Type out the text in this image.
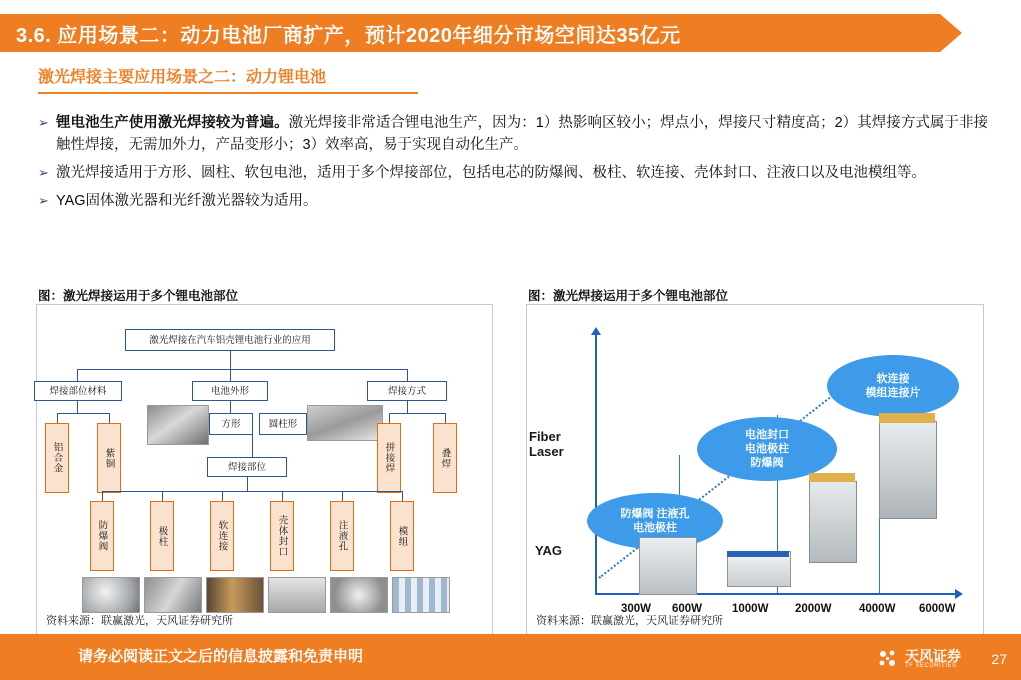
3.6. 应用场景二：动力电池厂商扩产，预计2020年细分市场空间达35亿元
激光焊接主要应用场景之二：动力锂电池
➢ 锂电池生产使用激光焊接较为普遍。激光焊接非常适合锂电池生产，因为：1）热影响区较小；焊点小，焊接尺寸精度高；2）其焊接方式属于非接触性焊接，无需加外力，产品变形小；3）效率高，易于实现自动化生产。
➢ 激光焊接适用于方形、圆柱、软包电池，适用于多个焊接部位，包括电芯的防爆阀、极柱、软连接、壳体封口、注液口以及电池模组等。
➢ YAG固体激光器和光纤激光器较为适用。
图：激光焊接运用于多个锂电池部位	图：激光焊接运用于多个锂电池部位
激光焊接在汽车铝壳锂电池行业的应用
焊接部位材料	电池外形	焊接方式
铝合金	紫铜
方形	圆柱形
拼接焊	叠焊
焊接部位
防爆阀	极柱	软连接	壳体封口	注液孔	模组
资料来源：联赢激光，天风证券研究所
Fiber Laser
YAG
300W 600W	1000W 2000W 4000W 6000W
防爆阀 注液孔
电池极柱
电池封口
电池极柱
防爆阀
软连接
模组连接片
资料来源：联赢激光，天风证券研究所
请务必阅读正文之后的信息披露和免责申明	天风证券
TF SECURITIES	27
